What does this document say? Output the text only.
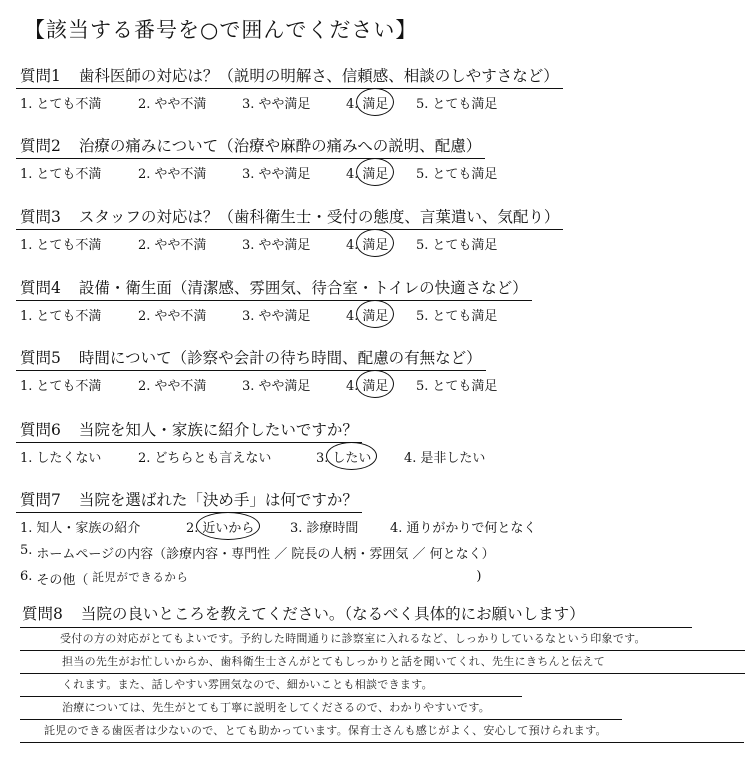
【該当する番号を○で囲んでください】
質問1 歯科医師の対応は？（説明の明解さ、信頼感、相談のしやすさなど）
1. とても不満	2. やや不満	3. やや満足	4. 満足	5. とても満足
質問2 治療の痛みについて（治療や麻酔の痛みへの説明、配慮）
1. とても不満	2. やや不満	3. やや満足	4. 満足	5. とても満足
質問3 スタッフの対応は？（歯科衛生士・受付の態度、言葉遣い、気配り）
1. とても不満	2. やや不満	3. やや満足	4. 満足	5. とても満足
質問4 設備・衛生面（清潔感、雰囲気、待合室・トイレの快適さなど）
1. とても不満	2. やや不満	3. やや満足	4. 満足	5. とても満足
質問5 時間について（診察や会計の待ち時間、配慮の有無など）
1. とても不満	2. やや不満	3. やや満足	4. 満足	5. とても満足
質問6 当院を知人・家族に紹介したいですか？
1. したくない	2. どちらとも言えない	3. したい	4. 是非したい
質問7 当院を選ばれた「決め手」は何ですか？
1. 知人・家族の紹介	2. 近いから	3. 診療時間	4. 通りがかりで何となく
5. ホームページの内容（診療内容・専門性 ／ 院長の人柄・雰囲気 ／ 何となく）
6. その他（ 託児ができるから	)
質問8 当院の良いところを教えてください。（なるべく具体的にお願いします）
受付の方の対応がとてもよいです。予約した時間通りに診察室に入れるなど、しっかりしているなという印象です。
担当の先生がお忙しいからか、歯科衛生士さんがとてもしっかりと話を聞いてくれ、先生にきちんと伝えて
くれます。また、話しやすい雰囲気なので、細かいことも相談できます。
治療については、先生がとても丁寧に説明をしてくださるので、わかりやすいです。
託児のできる歯医者は少ないので、とても助かっています。保育士さんも感じがよく、安心して預けられます。
